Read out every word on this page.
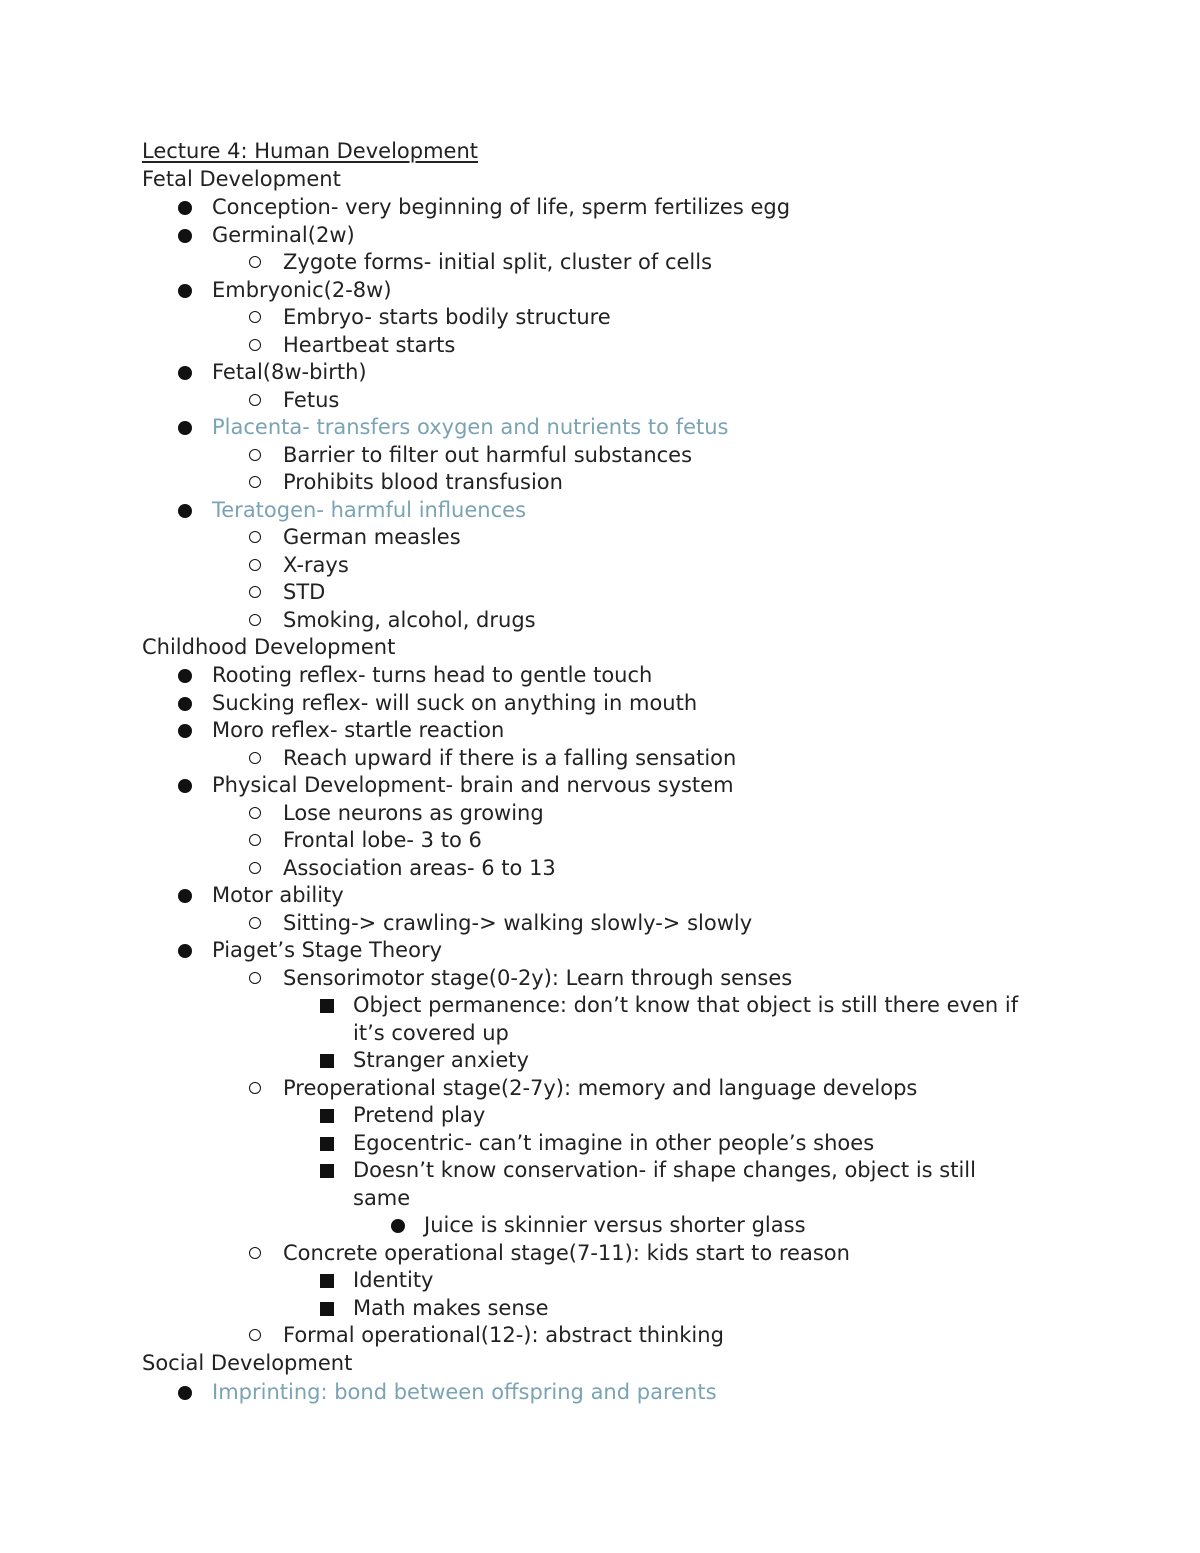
Lecture 4: Human Development
Fetal Development
Childhood Development
Social Development
Conception- very beginning of life, sperm fertilizes egg
Germinal(2w)
Zygote forms- initial split, cluster of cells
Embryonic(2-8w)
Embryo- starts bodily structure
Heartbeat starts
Fetal(8w-birth)
Fetus
Placenta- transfers oxygen and nutrients to fetus
Barrier to filter out harmful substances
Prohibits blood transfusion
Teratogen- harmful influences
German measles
X-rays
STD
Smoking, alcohol, drugs
Rooting reflex- turns head to gentle touch
Sucking reflex- will suck on anything in mouth
Moro reflex- startle reaction
Reach upward if there is a falling sensation
Physical Development- brain and nervous system
Lose neurons as growing
Frontal lobe- 3 to 6
Association areas- 6 to 13
Motor ability
Sitting-> crawling-> walking slowly-> slowly
Piaget’s Stage Theory
Sensorimotor stage(0-2y): Learn through senses
Object permanence: don’t know that object is still there even if
it’s covered up
Stranger anxiety
Preoperational stage(2-7y): memory and language develops
Pretend play
Egocentric- can’t imagine in other people’s shoes
Doesn’t know conservation- if shape changes, object is still
same
Juice is skinnier versus shorter glass
Concrete operational stage(7-11): kids start to reason
Identity
Math makes sense
Formal operational(12-): abstract thinking
Imprinting: bond between offspring and parents
